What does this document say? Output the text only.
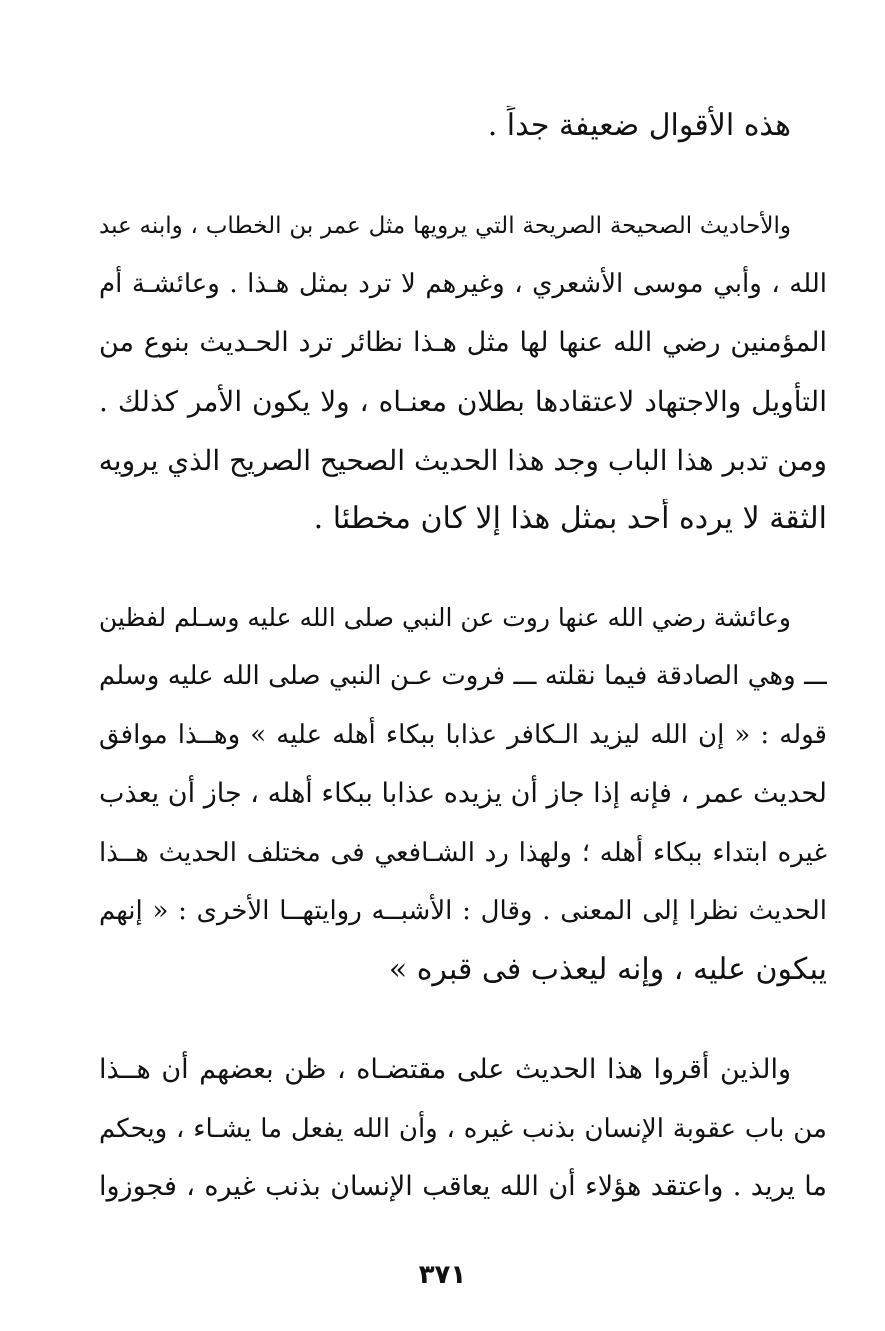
هذه الأقوال ضعيفة جداً .
والأحاديث الصحيحة الصريحة التي يرويها مثل عمر بن الخطاب ، وابنه عبد
الله ، وأبي موسى الأشعري ، وغيرهم لا ترد بمثل هـذا . وعائشـة أم
المؤمنين رضي الله عنها لها مثل هـذا نظائر ترد الحـديث بنوع من
التأويل والاجتهاد لاعتقادها بطلان معنـاه ، ولا يكون الأمر كذلك .
ومن تدبر هذا الباب وجد هذا الحديث الصحيح الصريح الذي يرويه
الثقة لا يرده أحد بمثل هذا إلا كان مخطئا .
وعائشة رضي الله عنها روت عن النبي صلى الله عليه وسـلم لفظين
ـــ وهي الصادقة فيما نقلته ـــ فروت عـن النبي صلى الله عليه وسلم
قوله : « إن الله ليزيد الـكافر عذابا ببكاء أهله عليه » وهــذا موافق
لحديث عمر ، فإنه إذا جاز أن يزيده عذابا ببكاء أهله ، جاز أن يعذب
غيره ابتداء ببكاء أهله ؛ ولهذا رد الشـافعي فى مختلف الحديث هــذا
الحديث نظرا إلى المعنى . وقال : الأشبــه روايتهــا الأخرى : « إنهم
يبكون عليه ، وإنه ليعذب فى قبره »
والذين أقروا هذا الحديث على مقتضـاه ، ظن بعضهم أن هــذا
من باب عقوبة الإنسان بذنب غيره ، وأن الله يفعل ما يشـاء ، ويحكم
ما يريد . واعتقد هؤلاء أن الله يعاقب الإنسان بذنب غيره ، فجوزوا
٣٧١
